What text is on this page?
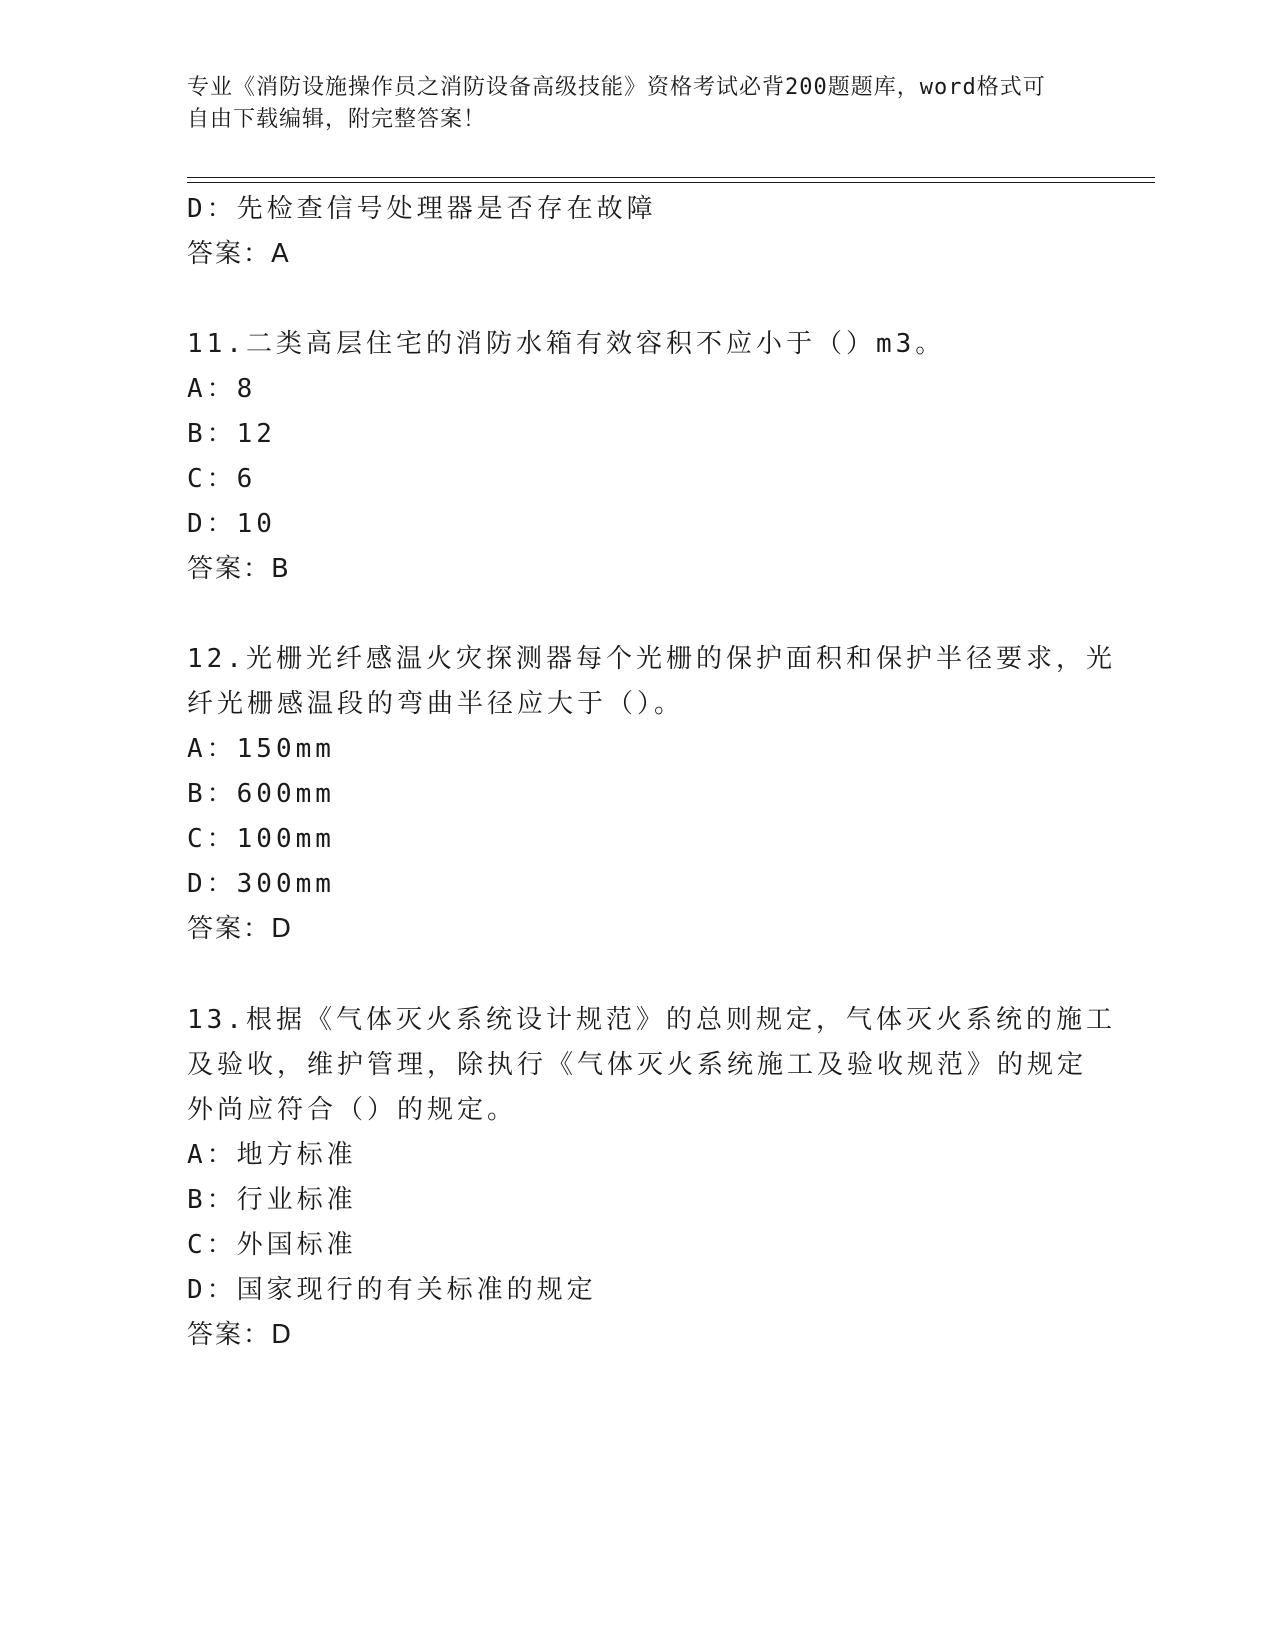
专业《消防设施操作员之消防设备高级技能》资格考试必背200题题库，word格式可自由下载编辑，附完整答案！
D：先检查信号处理器是否存在故障
答案：A
11.二类高层住宅的消防水箱有效容积不应小于（）m3。
A：8
B：12
C：6
D：10
答案：B
12.光栅光纤感温火灾探测器每个光栅的保护面积和保护半径要求，光
纤光栅感温段的弯曲半径应大于（）。
A：150mm
B：600mm
C：100mm
D：300mm
答案：D
13.根据《气体灭火系统设计规范》的总则规定，气体灭火系统的施工
及验收，维护管理，除执行《气体灭火系统施工及验收规范》的规定
外尚应符合（）的规定。
A：地方标准
B：行业标准
C：外国标准
D：国家现行的有关标准的规定
答案：D
